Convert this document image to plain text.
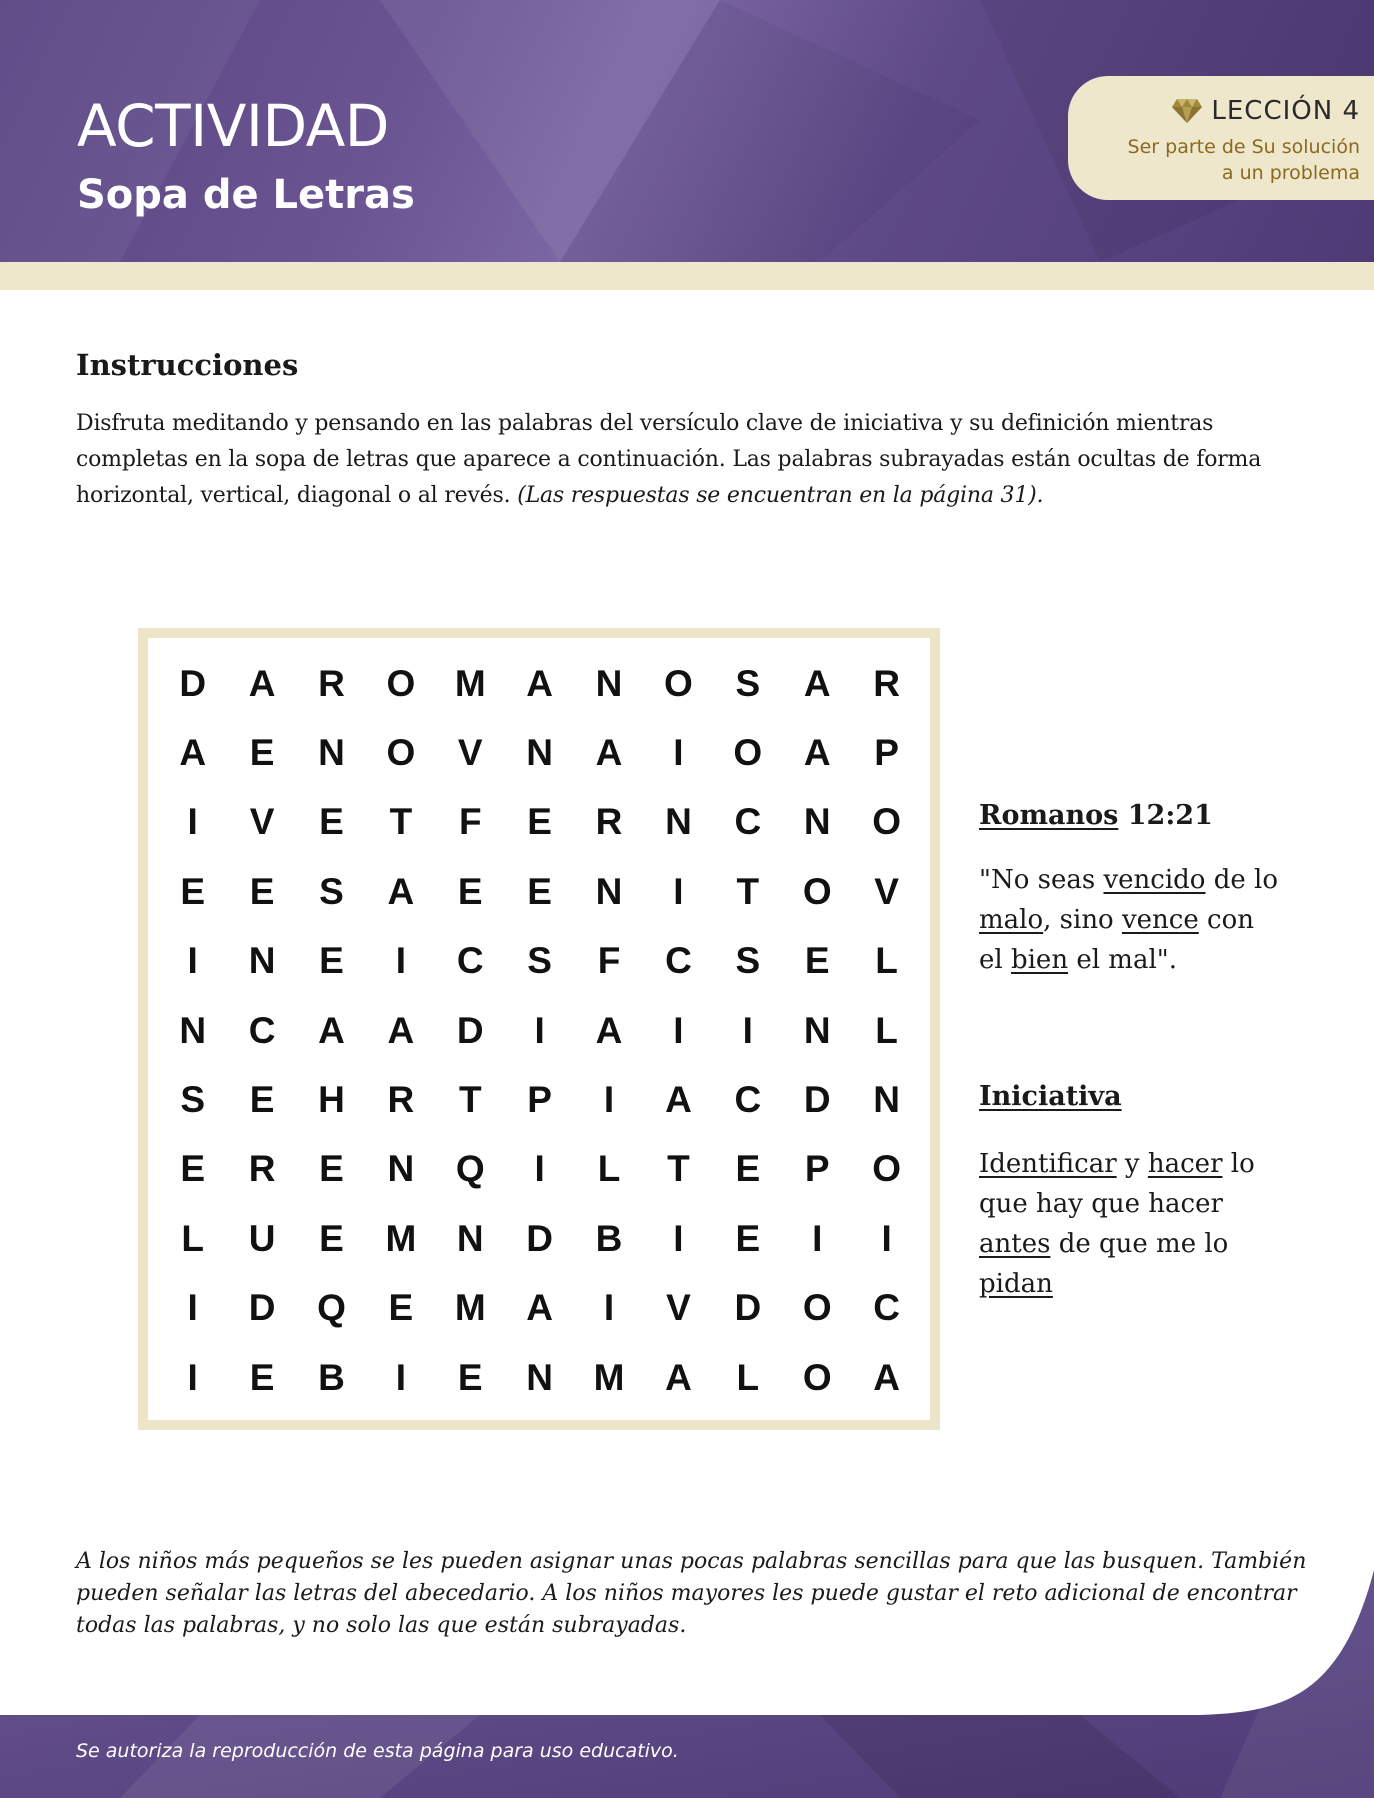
ACTIVIDAD
Sopa de Letras
LECCIÓN 4
Ser parte de Su solución
a un problema
Instrucciones

Disfruta meditando y pensando en las palabras del versículo clave de iniciativa y su definición mientras completas en la sopa de letras que aparece a continuación. Las palabras subrayadas están ocultas de forma horizontal, vertical, diagonal o al revés. (Las respuestas se encuentran en la página 31).

D	A	R	O	M	A	N	O	S	A	R
A	E	N	O	V	N	A	I	O	A	P
I	V	E	T	F	E	R	N	C	N	O
E	E	S	A	E	E	N	I	T	O	V
I	N	E	I	C	S	F	C	S	E	L
N	C	A	A	D	I	A	I	I	N	L
S	E	H	R	T	P	I	A	C	D	N
E	R	E	N	Q	I	L	T	E	P	O
L	U	E	M	N	D	B	I	E	I	I
I	D	Q	E	M	A	I	V	D	O	C
I	E	B	I	E	N	M	A	L	O	A

Romanos 12:21

"No seas vencido de lo malo, sino vence con el bien el mal".

Iniciativa

Identificar y hacer lo que hay que hacer antes de que me lo pidan

A los niños más pequeños se les pueden asignar unas pocas palabras sencillas para que las busquen. También pueden señalar las letras del abecedario. A los niños mayores les puede gustar el reto adicional de encontrar todas las palabras, y no solo las que están subrayadas.

Se autoriza la reproducción de esta página para uso educativo.
